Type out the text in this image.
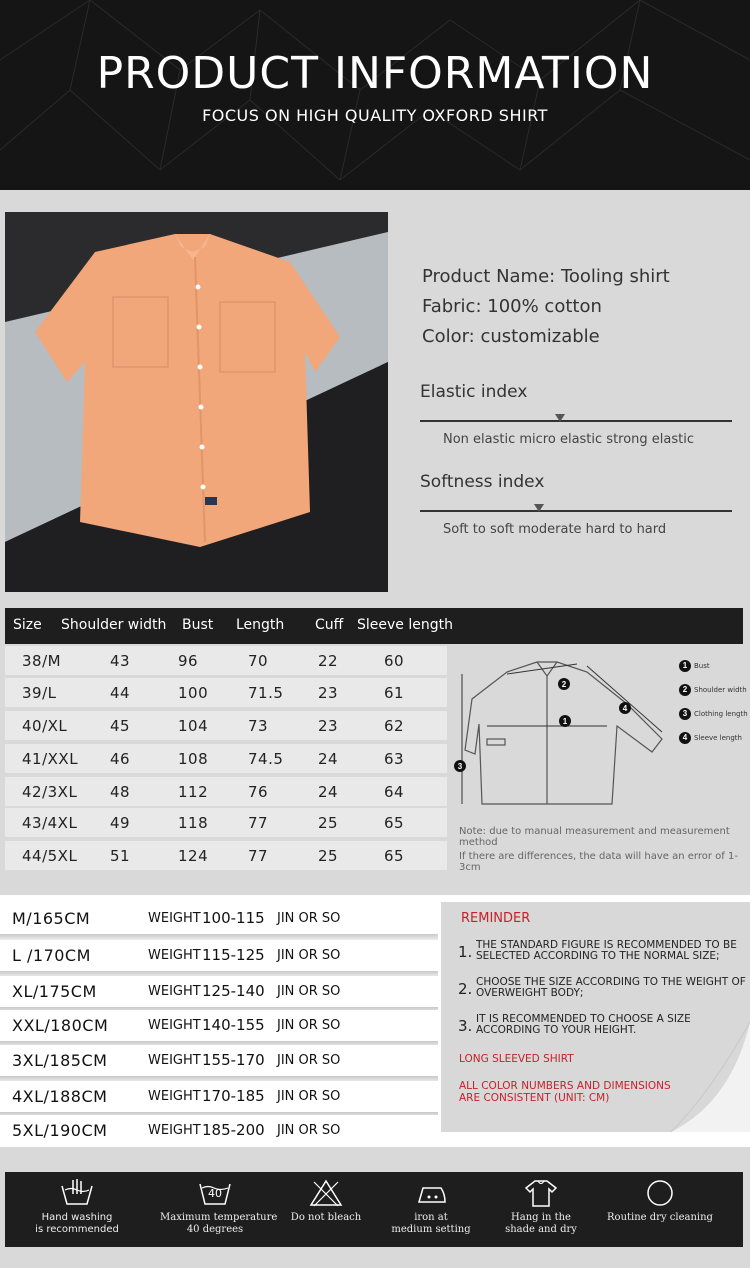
PRODUCT INFORMATION
FOCUS ON HIGH QUALITY OXFORD SHIRT
Product Name: Tooling shirt
Fabric: 100% cotton
Color: customizable
Elastic index
Non elastic micro elastic strong elastic
Softness index
Soft to soft moderate hard to hard
Size Shoulder width Bust Length Cuff Sleeve length
38/M	43	96	70	22	60
39/L	44	100	71.5 23	61
40/XL	45	104	73	23	62
41/XXL 46	108	74.5 24	63
42/3XL 48	112	76	24	64
43/4XL 49	118	77	25	65
44/5XL 51	124	77	25	65
1
2
3
4
1 Bust
2 Shoulder width
3 Clothing length
4 Sleeve length
Note: due to manual measurement and measurement method
If there are differences, the data will have an error of 1-3cm
M/165CM	WEIGHT 100-115 JIN OR SO
L /170CM	WEIGHT 115-125 JIN OR SO
XL/175CM	WEIGHT 125-140 JIN OR SO
XXL/180CM	WEIGHT 140-155 JIN OR SO
3XL/185CM	WEIGHT 155-170 JIN OR SO
4XL/188CM	WEIGHT 170-185 JIN OR SO
5XL/190CM	WEIGHT 185-200 JIN OR SO
REMINDER
1. THE STANDARD FIGURE IS RECOMMENDED TO BE SELECTED ACCORDING TO THE NORMAL SIZE;
2. CHOOSE THE SIZE ACCORDING TO THE WEIGHT OF OVERWEIGHT BODY;
3. IT IS RECOMMENDED TO CHOOSE A SIZE ACCORDING TO YOUR HEIGHT.
LONG SLEEVED SHIRT
ALL COLOR NUMBERS AND DIMENSIONS
ARE CONSISTENT (UNIT: CM)
Hand washing
is recommended
40
Maximum temperature
40 degrees
Do not bleach	iron at
medium setting
Hang in the
shade and dry
Routine dry cleaning
